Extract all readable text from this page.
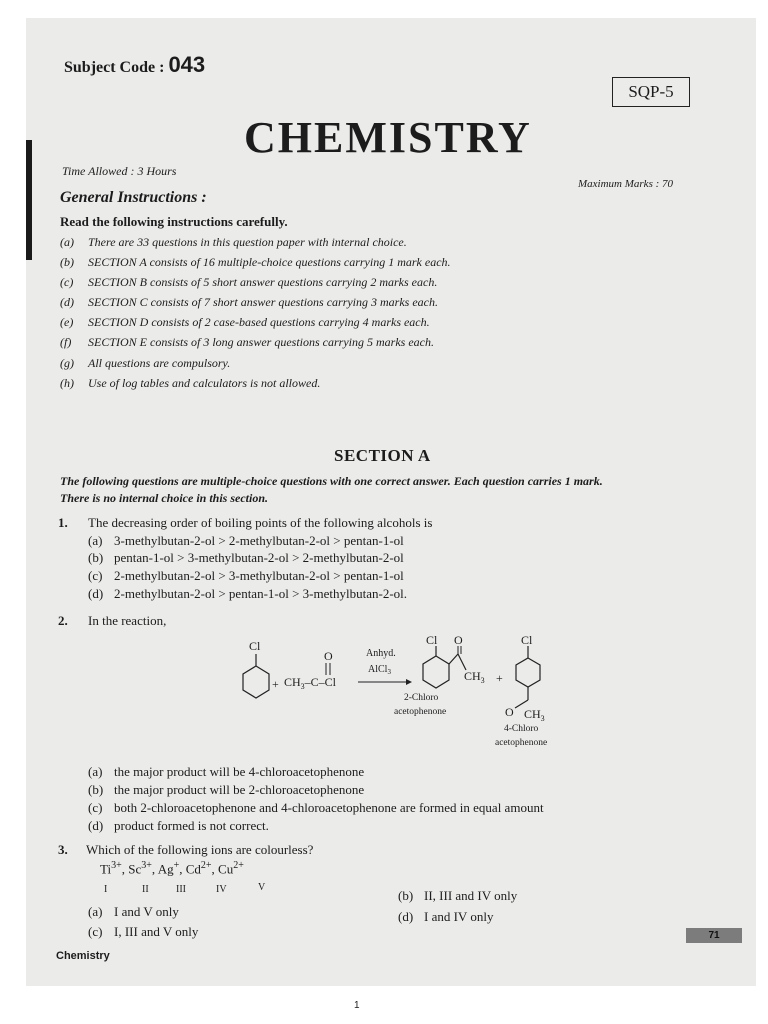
Subject Code : 043
SQP-5
CHEMISTRY
Time Allowed : 3 Hours
Maximum Marks : 70
General Instructions :
Read the following instructions carefully.
(a) There are 33 questions in this question paper with internal choice.
(b) SECTION A consists of 16 multiple-choice questions carrying 1 mark each.
(c) SECTION B consists of 5 short answer questions carrying 2 marks each.
(d) SECTION C consists of 7 short answer questions carrying 3 marks each.
(e) SECTION D consists of 2 case-based questions carrying 4 marks each.
(f) SECTION E consists of 3 long answer questions carrying 5 marks each.
(g) All questions are compulsory.
(h) Use of log tables and calculators is not allowed.
SECTION A
The following questions are multiple-choice questions with one correct answer. Each question carries 1 mark.
There is no internal choice in this section.
1. The decreasing order of boiling points of the following alcohols is
(a) 3-methylbutan-2-ol > 2-methylbutan-2-ol > pentan-1-ol
(b) pentan-1-ol > 3-methylbutan-2-ol > 2-methylbutan-2-ol
(c) 2-methylbutan-2-ol > 3-methylbutan-2-ol > pentan-1-ol
(d) 2-methylbutan-2-ol > pentan-1-ol > 3-methylbutan-2-ol.
2. In the reaction,
Cl
+
O
$CH_3-C-Cl$
Anhyd.
AlCl$_3$
Cl O
$CH_3$ +
2-Chloro
acetophenone
Cl
O $CH_3$
4-Chloro
acetophenone
(a) the major product will be 4-chloroacetophenone
(b) the major product will be 2-chloroacetophenone
(c) both 2-chloroacetophenone and 4-chloroacetophenone are formed in equal amount
(d) product formed is not correct.
3. Which of the following ions are colourless?
$Ti^{3+}$, $Sc^{3+}$, Ag+, $Cd^{2+}$, $Cu^{2+}$
I	II	III	IV	V
(a) I and V only
(b) II, III and IV only
(c) I, III and V only
(d) I and IV only
71
Chemistry
1
